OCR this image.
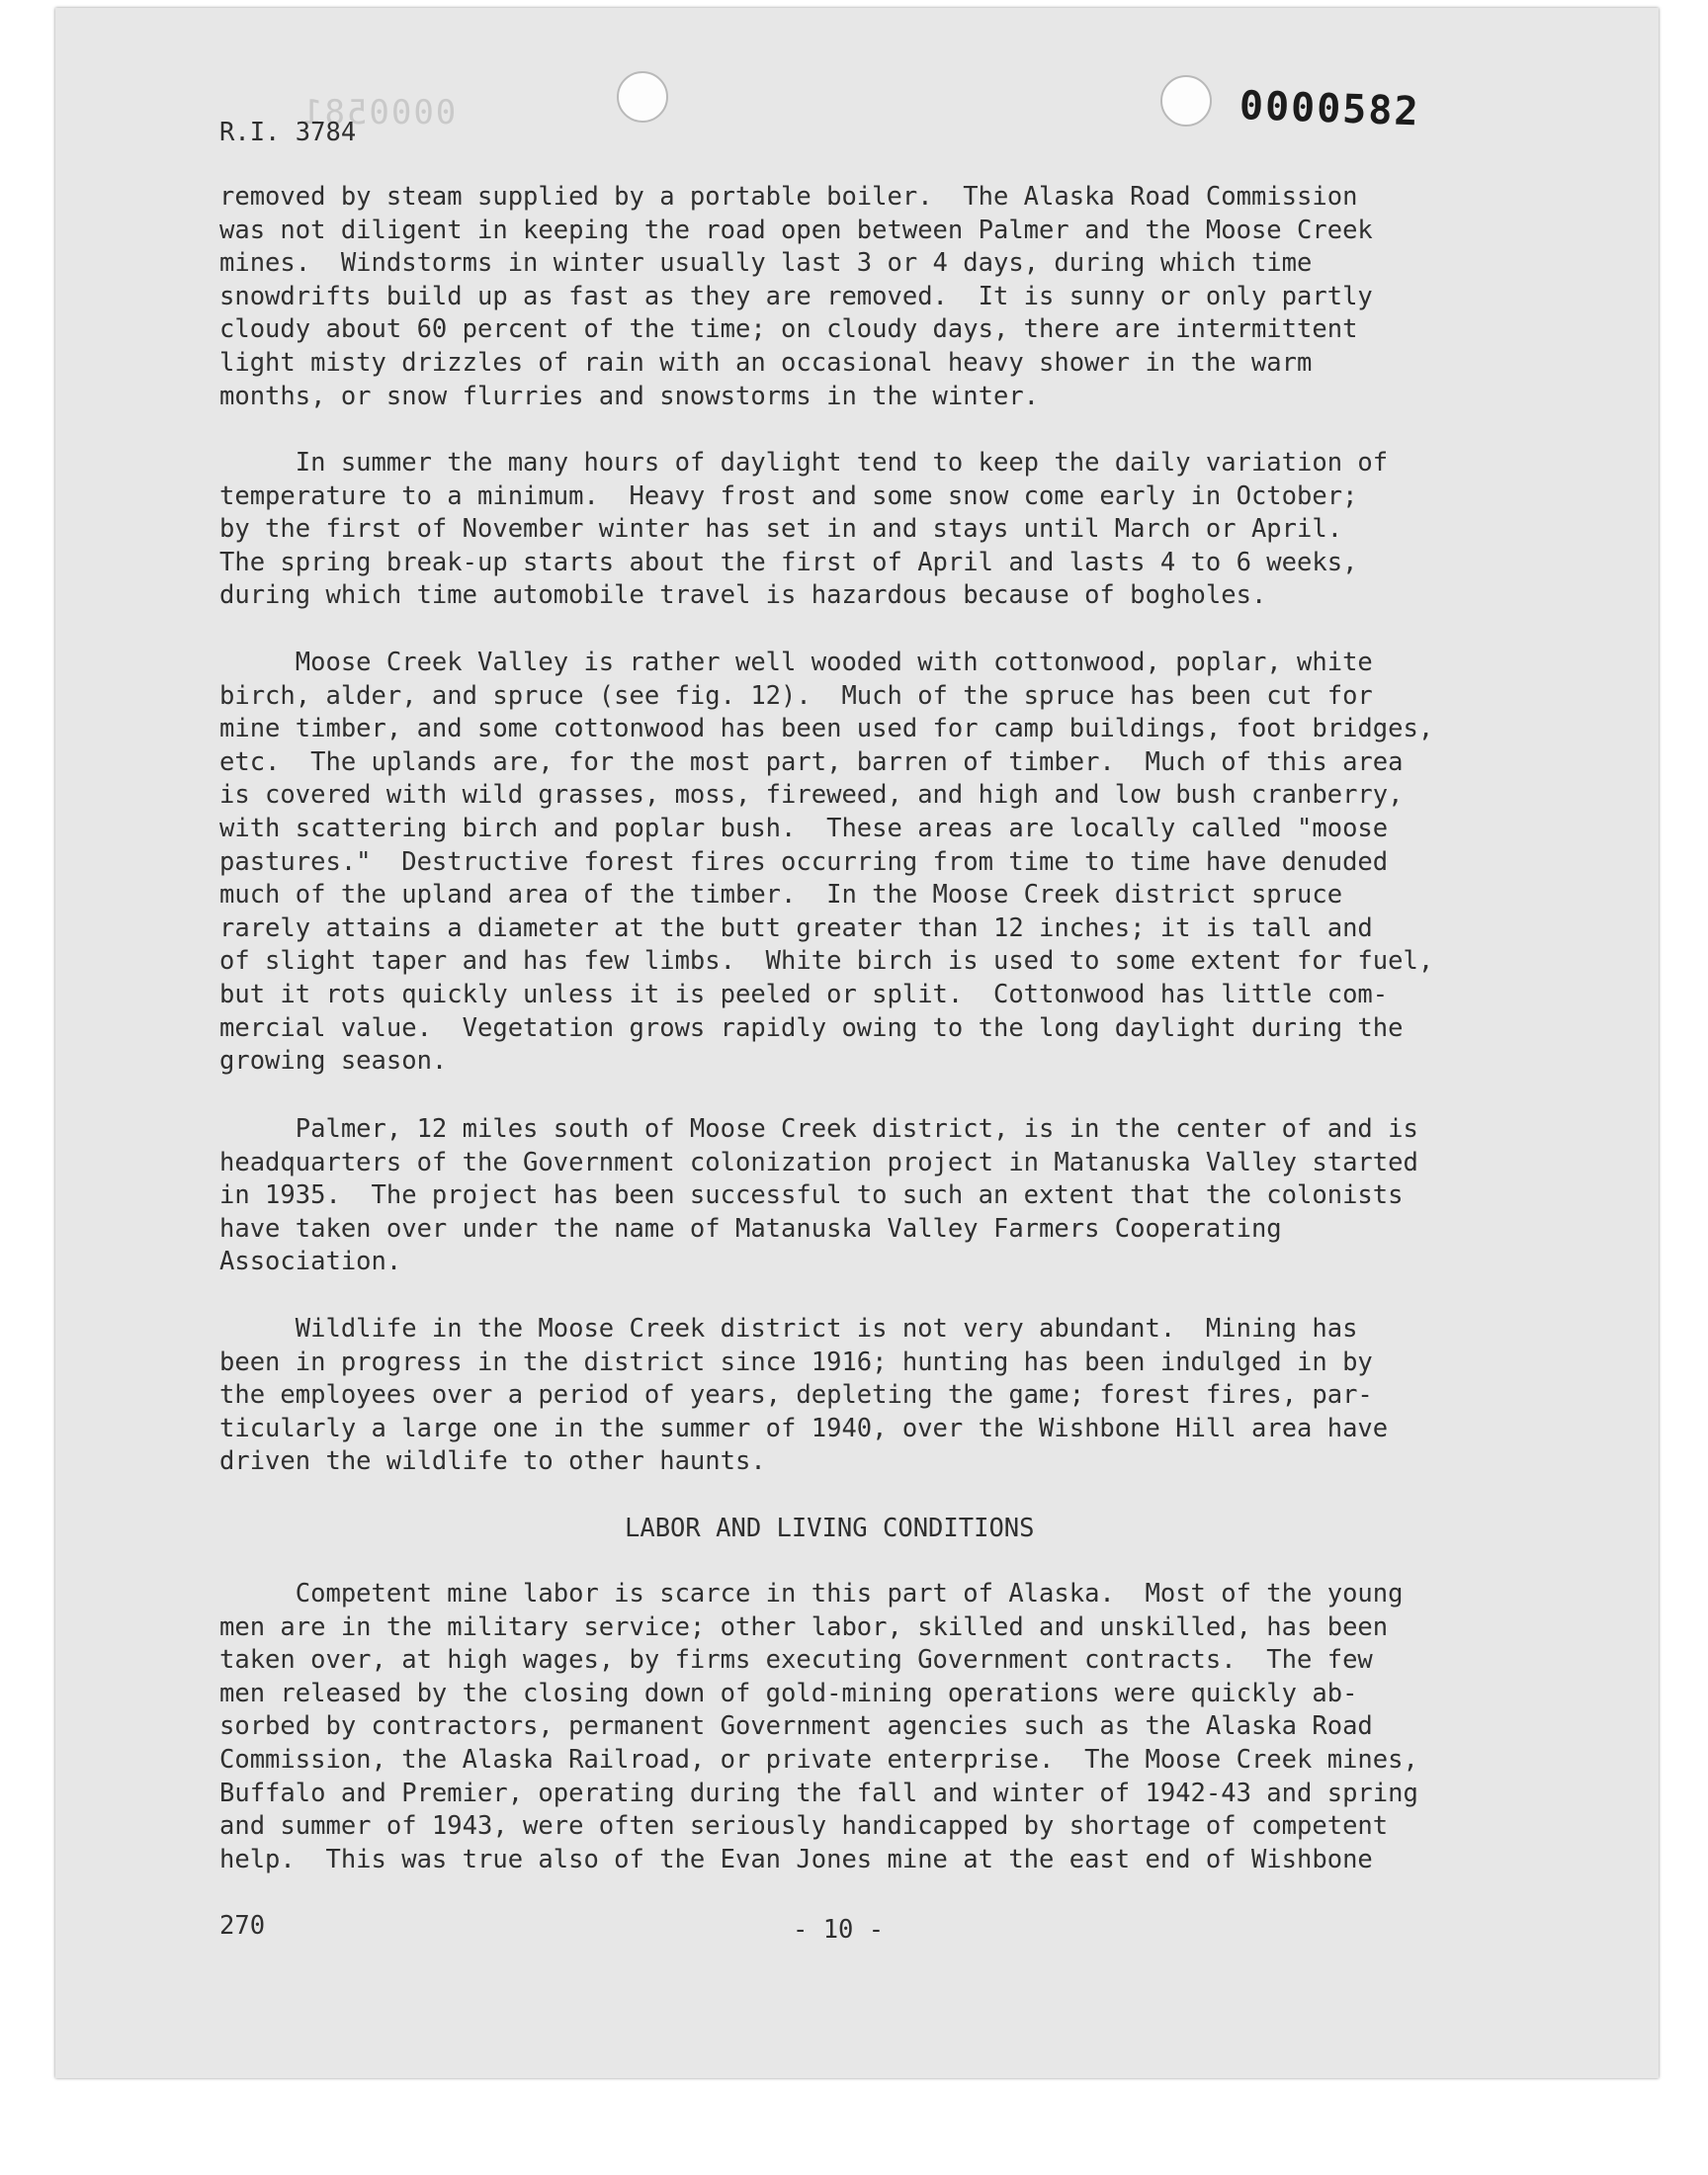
0000581	0000582
R.I. 3784
removed by steam supplied by a portable boiler.  The Alaska Road Commission
was not diligent in keeping the road open between Palmer and the Moose Creek
mines.  Windstorms in winter usually last 3 or 4 days, during which time
snowdrifts build up as fast as they are removed.  It is sunny or only partly
cloudy about 60 percent of the time; on cloudy days, there are intermittent
light misty drizzles of rain with an occasional heavy shower in the warm
months, or snow flurries and snowstorms in the winter.
In summer the many hours of daylight tend to keep the daily variation of
temperature to a minimum.  Heavy frost and some snow come early in October;
by the first of November winter has set in and stays until March or April.
The spring break-up starts about the first of April and lasts 4 to 6 weeks,
during which time automobile travel is hazardous because of bogholes.
Moose Creek Valley is rather well wooded with cottonwood, poplar, white
birch, alder, and spruce (see fig. 12).  Much of the spruce has been cut for
mine timber, and some cottonwood has been used for camp buildings, foot bridges,
etc.  The uplands are, for the most part, barren of timber.  Much of this area
is covered with wild grasses, moss, fireweed, and high and low bush cranberry,
with scattering birch and poplar bush.  These areas are locally called "moose
pastures."  Destructive forest fires occurring from time to time have denuded
much of the upland area of the timber.  In the Moose Creek district spruce
rarely attains a diameter at the butt greater than 12 inches; it is tall and
of slight taper and has few limbs.  White birch is used to some extent for fuel,
but it rots quickly unless it is peeled or split.  Cottonwood has little com-
mercial value.  Vegetation grows rapidly owing to the long daylight during the
growing season.
Palmer, 12 miles south of Moose Creek district, is in the center of and is
headquarters of the Government colonization project in Matanuska Valley started
in 1935.  The project has been successful to such an extent that the colonists
have taken over under the name of Matanuska Valley Farmers Cooperating
Association.
Wildlife in the Moose Creek district is not very abundant.  Mining has
been in progress in the district since 1916; hunting has been indulged in by
the employees over a period of years, depleting the game; forest fires, par-
ticularly a large one in the summer of 1940, over the Wishbone Hill area have
driven the wildlife to other haunts.
LABOR AND LIVING CONDITIONS
Competent mine labor is scarce in this part of Alaska.  Most of the young
men are in the military service; other labor, skilled and unskilled, has been
taken over, at high wages, by firms executing Government contracts.  The few
men released by the closing down of gold-mining operations were quickly ab-
sorbed by contractors, permanent Government agencies such as the Alaska Road
Commission, the Alaska Railroad, or private enterprise.  The Moose Creek mines,
Buffalo and Premier, operating during the fall and winter of 1942-43 and spring
and summer of 1943, were often seriously handicapped by shortage of competent
help.  This was true also of the Evan Jones mine at the east end of Wishbone
270	- 10 -
